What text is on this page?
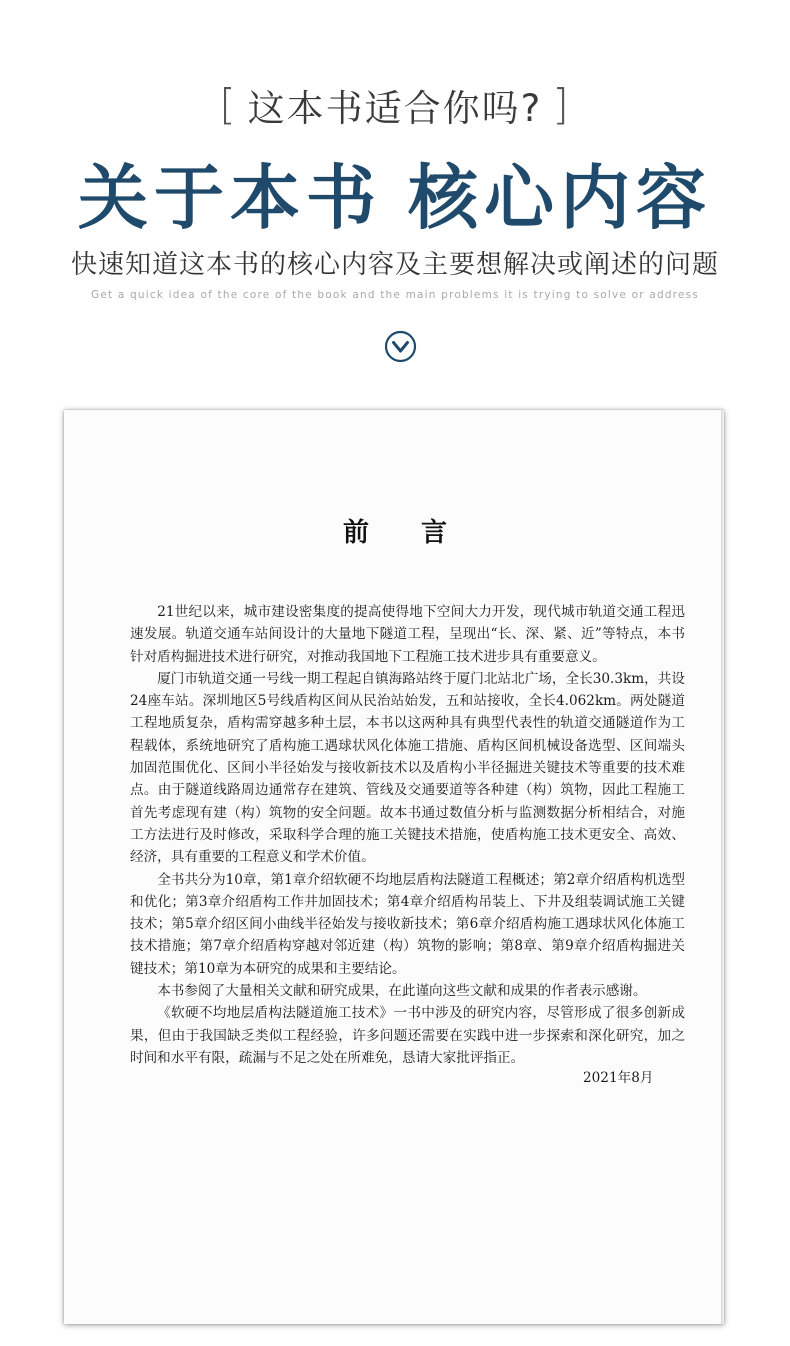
[ 这本书适合你吗? ]
关于本书 核心内容
快速知道这本书的核心内容及主要想解决或阐述的问题
Get a quick idea of the core of the book and the main problems it is trying to solve or address
前 言

21世纪以来，城市建设密集度的提高使得地下空间大力开发，现代城市轨道交通工程迅速发展。轨道交通车站间设计的大量地下隧道工程，呈现出“长、深、紧、近”等特点，本书针对盾构掘进技术进行研究，对推动我国地下工程施工技术进步具有重要意义。

厦门市轨道交通一号线一期工程起自镇海路站终于厦门北站北广场，全长30.3km，共设24座车站。深圳地区5号线盾构区间从民治站始发，五和站接收，全长4.062km。两处隧道工程地质复杂，盾构需穿越多种土层，本书以这两种具有典型代表性的轨道交通隧道作为工程载体，系统地研究了盾构施工遇球状风化体施工措施、盾构区间机械设备选型、区间端头加固范围优化、区间小半径始发与接收新技术以及盾构小半径掘进关键技术等重要的技术难点。由于隧道线路周边通常存在建筑、管线及交通要道等各种建（构）筑物，因此工程施工首先考虑现有建（构）筑物的安全问题。故本书通过数值分析与监测数据分析相结合，对施工方法进行及时修改，采取科学合理的施工关键技术措施，使盾构施工技术更安全、高效、经济，具有重要的工程意义和学术价值。

全书共分为10章，第1章介绍软硬不均地层盾构法隧道工程概述；第2章介绍盾构机选型和优化；第3章介绍盾构工作井加固技术；第4章介绍盾构吊装上、下井及组装调试施工关键技术；第5章介绍区间小曲线半径始发与接收新技术；第6章介绍盾构施工遇球状风化体施工技术措施；第7章介绍盾构穿越对邻近建（构）筑物的影响；第8章、第9章介绍盾构掘进关键技术；第10章为本研究的成果和主要结论。

本书参阅了大量相关文献和研究成果，在此谨向这些文献和成果的作者表示感谢。

《软硬不均地层盾构法隧道施工技术》一书中涉及的研究内容，尽管形成了很多创新成果，但由于我国缺乏类似工程经验，许多问题还需要在实践中进一步探索和深化研究，加之时间和水平有限，疏漏与不足之处在所难免，恳请大家批评指正。

2021年8月
